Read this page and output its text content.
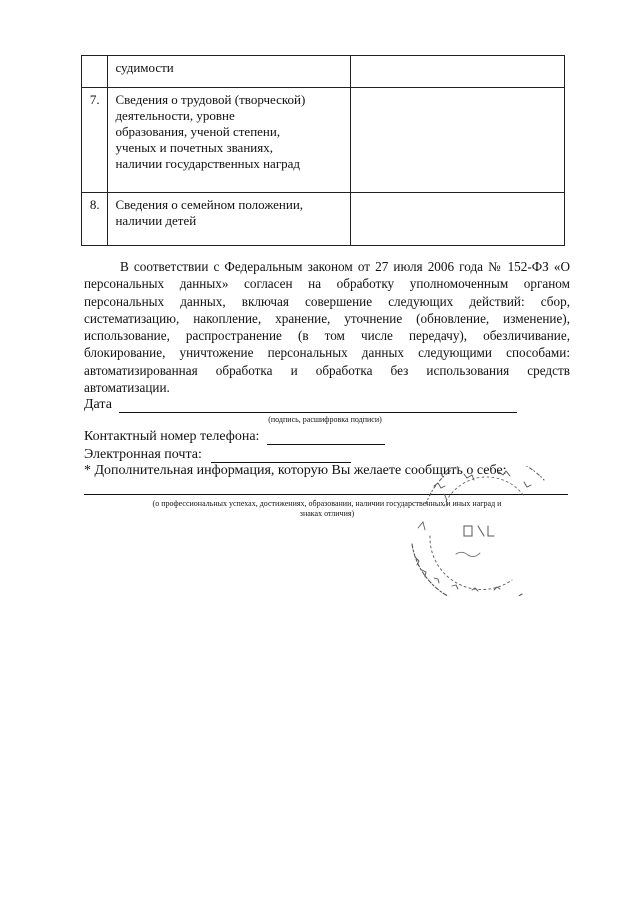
	судимости	

7.	Сведения о трудовой (творческой)
деятельности, уровне
образования, ученой степени,
ученых и почетных званиях,
наличии государственных наград	

8.	Сведения о семейном положении,
наличии детей	

В соответствии с Федеральным законом от 27 июля 2006 года № 152-ФЗ «О персональных данных» согласен на обработку уполномоченным органом персональных данных, включая совершение следующих действий: сбор, систематизацию, накопление, хранение, уточнение (обновление, изменение), использование, распространение (в том числе передачу), обезличивание, блокирование, уничтожение персональных данных следующими способами: автоматизированная обработка и обработка без использования средств автоматизации.

Дата
(подпись, расшифровка подписи)
Контактный номер телефона:
Электронная почта:
* Дополнительная информация, которую Вы желаете сообщить о себе:
(о профессиональных успехах, достижениях, образовании, наличии государственных и иных наград и
знаках отличия)
